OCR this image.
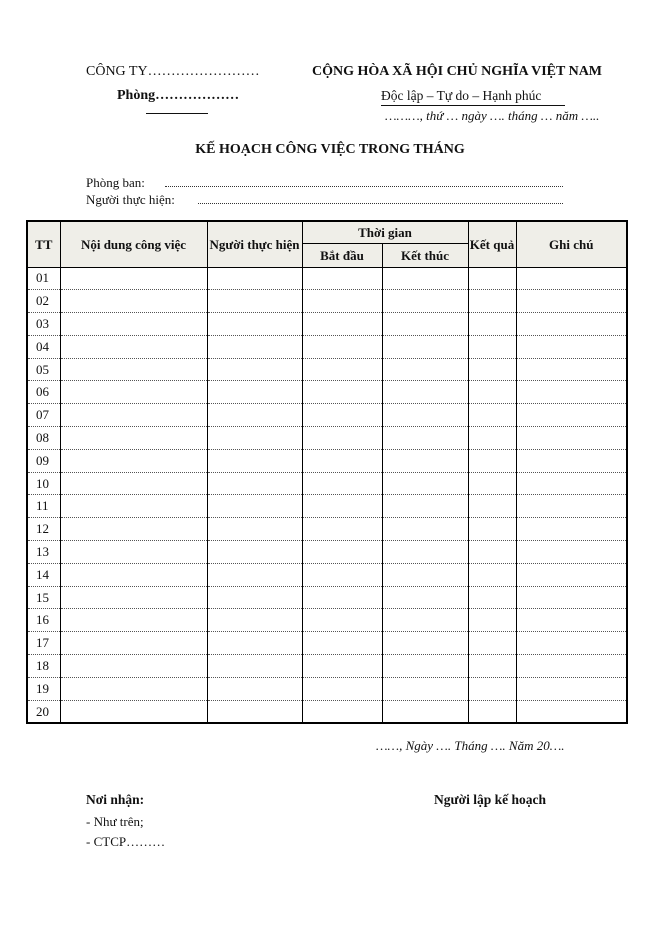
CÔNG TY……………………
Phòng………………
CỘNG HÒA XÃ HỘI CHỦ NGHĨA VIỆT NAM
Độc lập – Tự do – Hạnh phúc
………, thứ … ngày …. tháng … năm …..
KẾ HOẠCH CÔNG VIỆC TRONG THÁNG
Phòng ban:
Người thực hiện:
TT	Nội dung công việc	Người thực hiện	Thời gian		Kết quả	Ghi chú
			Bắt đầu	Kết thúc		
01						
02						
03						
04						
05						
06						
07						
08						
09						
10						
11						
12						
13						
14						
15						
16						
17						
18						
19						
20						
……, Ngày …. Tháng …. Năm 20….
Nơi nhận:
- Như trên;
- CTCP………
Người lập kế hoạch
